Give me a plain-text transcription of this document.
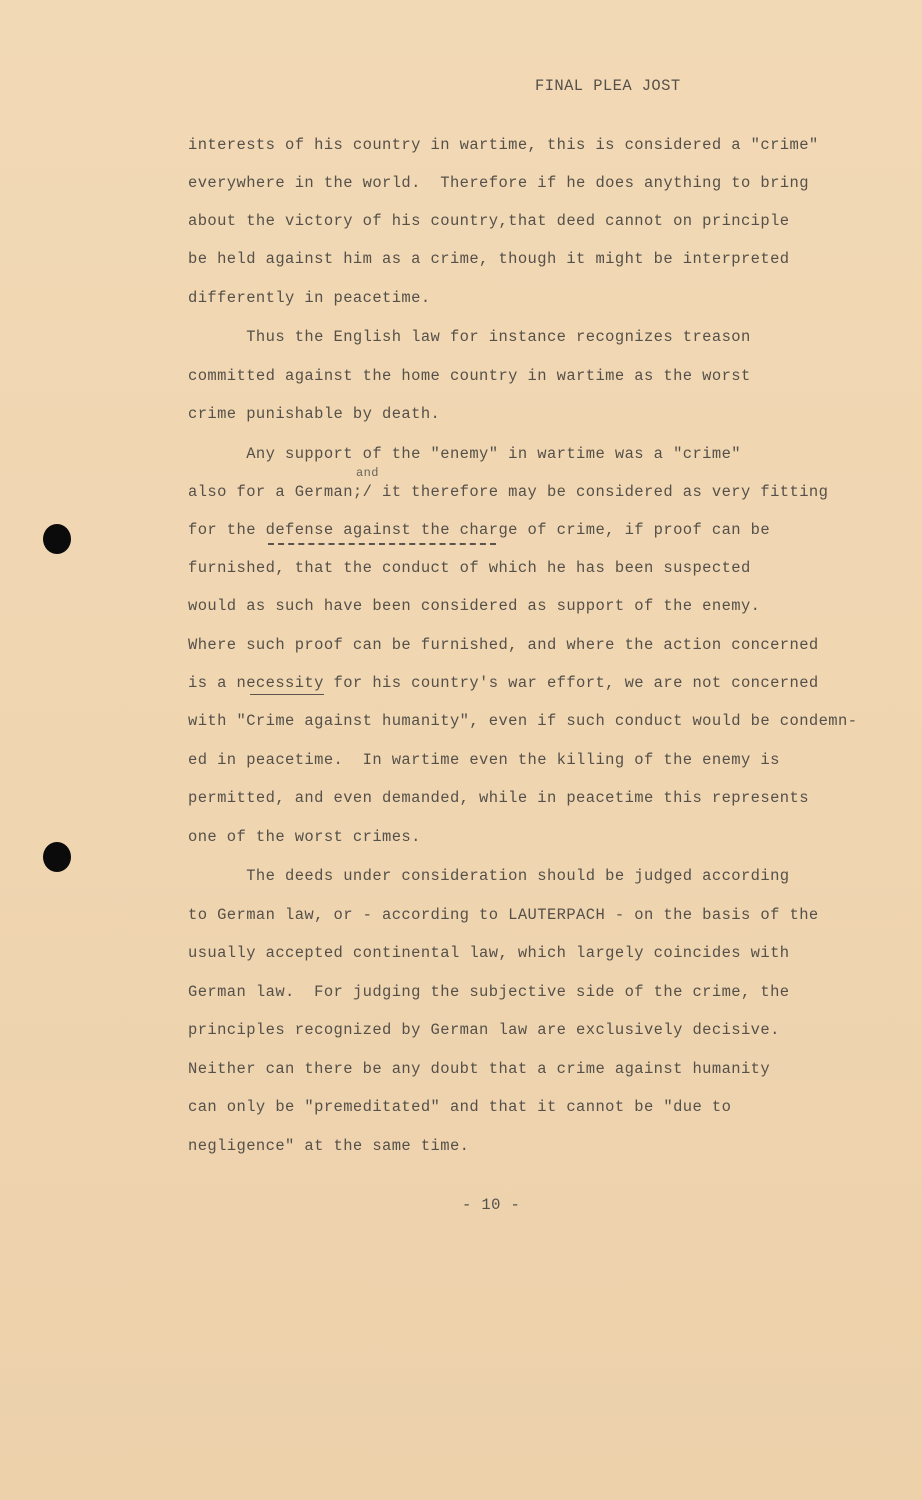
FINAL PLEA JOST
interests of his country in wartime, this is considered a "crime"
everywhere in the world.  Therefore if he does anything to bring
about the victory of his country,that deed cannot on principle
be held against him as a crime, though it might be interpreted
differently in peacetime.
Thus the English law for instance recognizes treason
committed against the home country in wartime as the worst
crime punishable by death.
Any support of the "enemy" in wartime was a "crime"
and
also for a German;/ it therefore may be considered as very fitting
for the defense against the charge of crime, if proof can be
furnished, that the conduct of which he has been suspected
would as such have been considered as support of the enemy.
Where such proof can be furnished, and where the action concerned
is a necessity for his country's war effort, we are not concerned
with "Crime against humanity", even if such conduct would be condemn-
ed in peacetime.  In wartime even the killing of the enemy is
permitted, and even demanded, while in peacetime this represents
one of the worst crimes.
The deeds under consideration should be judged according
to German law, or - according to LAUTERPACH - on the basis of the
usually accepted continental law, which largely coincides with
German law.  For judging the subjective side of the crime, the
principles recognized by German law are exclusively decisive.
Neither can there be any doubt that a crime against humanity
can only be "premeditated" and that it cannot be "due to
negligence" at the same time.
- 10 -
